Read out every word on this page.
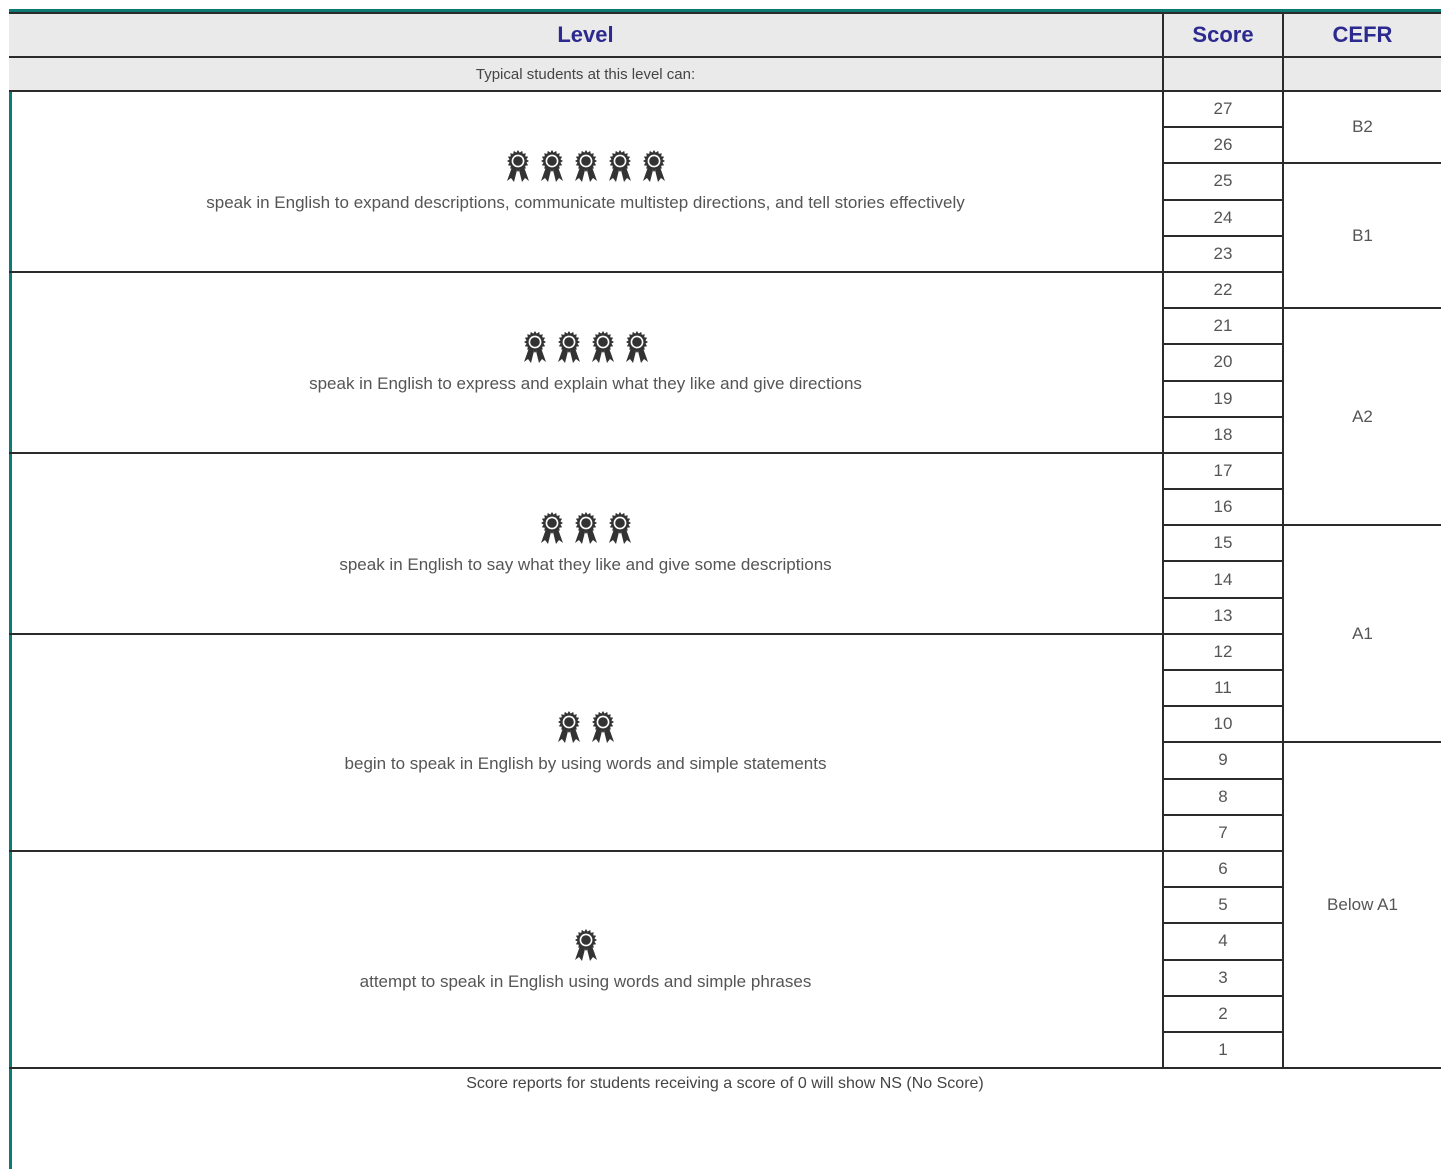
Level	Score	CEFR
Typical students at this level can:		

speak in English to expand descriptions, communicate multistep directions, and tell stories effectively	27	B2
	26	
	25	B1
	24	
	23	

speak in English to express and explain what they like and give directions	22	
	21	A2
	20	
	19	
	18	

speak in English to say what they like and give some descriptions	17	
	16	
	15	A1
	14	
	13	

begin to speak in English by using words and simple statements	12	
	11	
	10	
	9	Below A1
	8	
	7	

attempt to speak in English using words and simple phrases	6	
	5	
	4	
	3	
	2	
	1	
Score reports for students receiving a score of 0 will show NS (No Score)		
